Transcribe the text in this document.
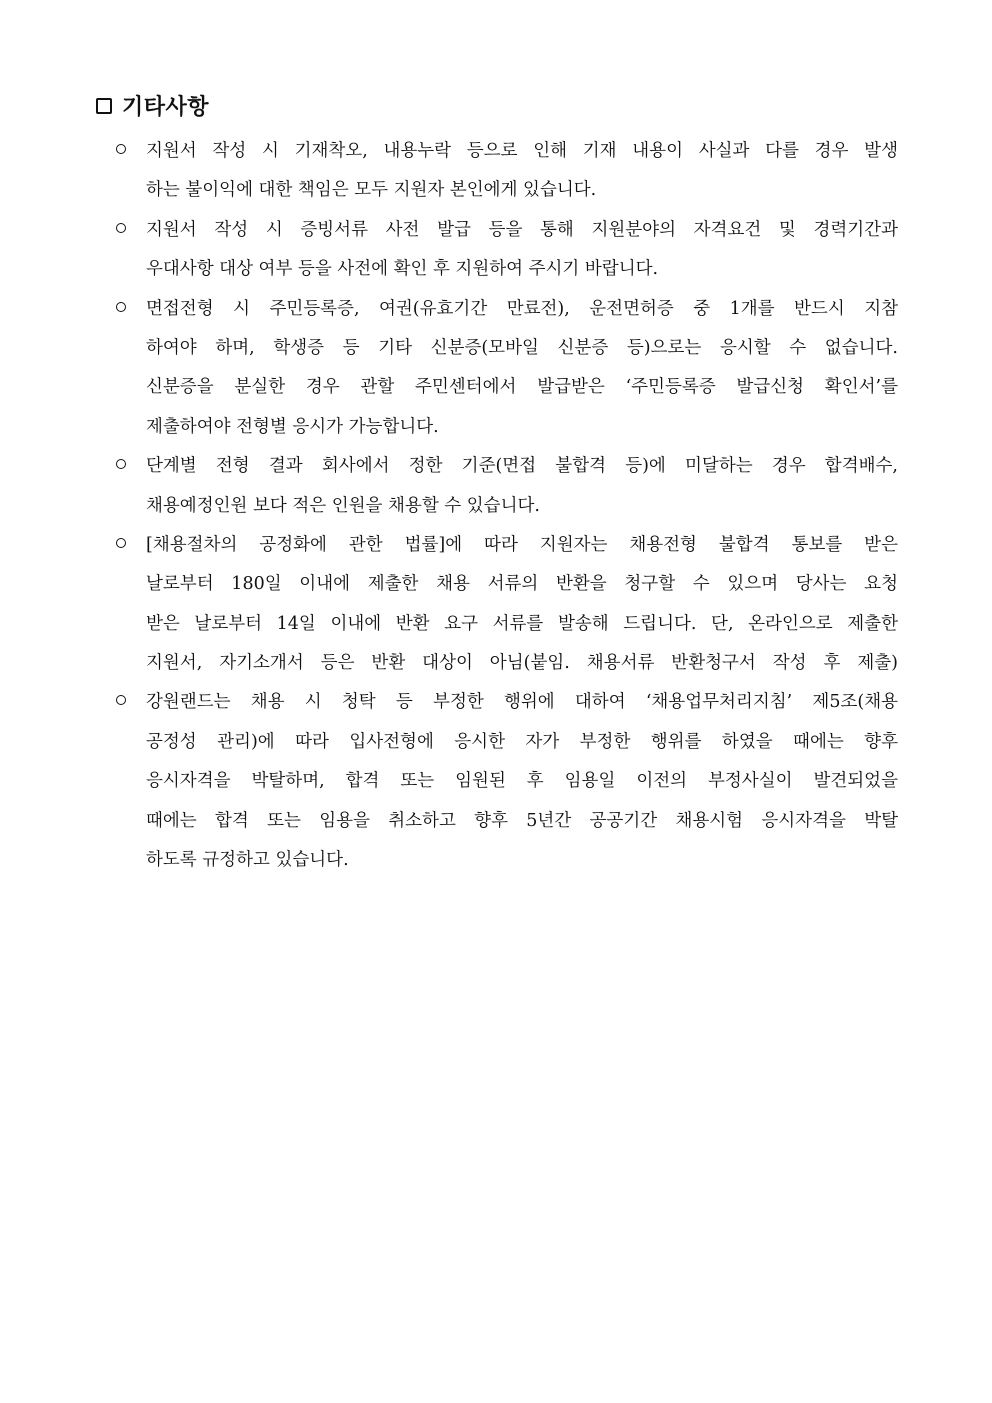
기타사항
지원서 작성 시 기재착오, 내용누락 등으로 인해 기재 내용이 사실과 다를 경우 발생
하는 불이익에 대한 책임은 모두 지원자 본인에게 있습니다.
지원서 작성 시 증빙서류 사전 발급 등을 통해 지원분야의 자격요건 및 경력기간과
우대사항 대상 여부 등을 사전에 확인 후 지원하여 주시기 바랍니다.
면접전형 시 주민등록증, 여권(유효기간 만료전), 운전면허증 중 1개를 반드시 지참
하여야 하며, 학생증 등 기타 신분증(모바일 신분증 등)으로는 응시할 수 없습니다.
신분증을 분실한 경우 관할 주민센터에서 발급받은 ‘주민등록증 발급신청 확인서’를
제출하여야 전형별 응시가 가능합니다.
단계별 전형 결과 회사에서 정한 기준(면접 불합격 등)에 미달하는 경우 합격배수,
채용예정인원 보다 적은 인원을 채용할 수 있습니다.
[채용절차의 공정화에 관한 법률]에 따라 지원자는 채용전형 불합격 통보를 받은
날로부터 180일 이내에 제출한 채용 서류의 반환을 청구할 수 있으며 당사는 요청
받은 날로부터 14일 이내에 반환 요구 서류를 발송해 드립니다. 단, 온라인으로 제출한
지원서, 자기소개서 등은 반환 대상이 아님(붙임. 채용서류 반환청구서 작성 후 제출)
강원랜드는 채용 시 청탁 등 부정한 행위에 대하여 ‘채용업무처리지침’ 제5조(채용
공정성 관리)에 따라 입사전형에 응시한 자가 부정한 행위를 하였을 때에는 향후
응시자격을 박탈하며, 합격 또는 임원된 후 임용일 이전의 부정사실이 발견되었을
때에는 합격 또는 임용을 취소하고 향후 5년간 공공기간 채용시험 응시자격을 박탈
하도록 규정하고 있습니다.
